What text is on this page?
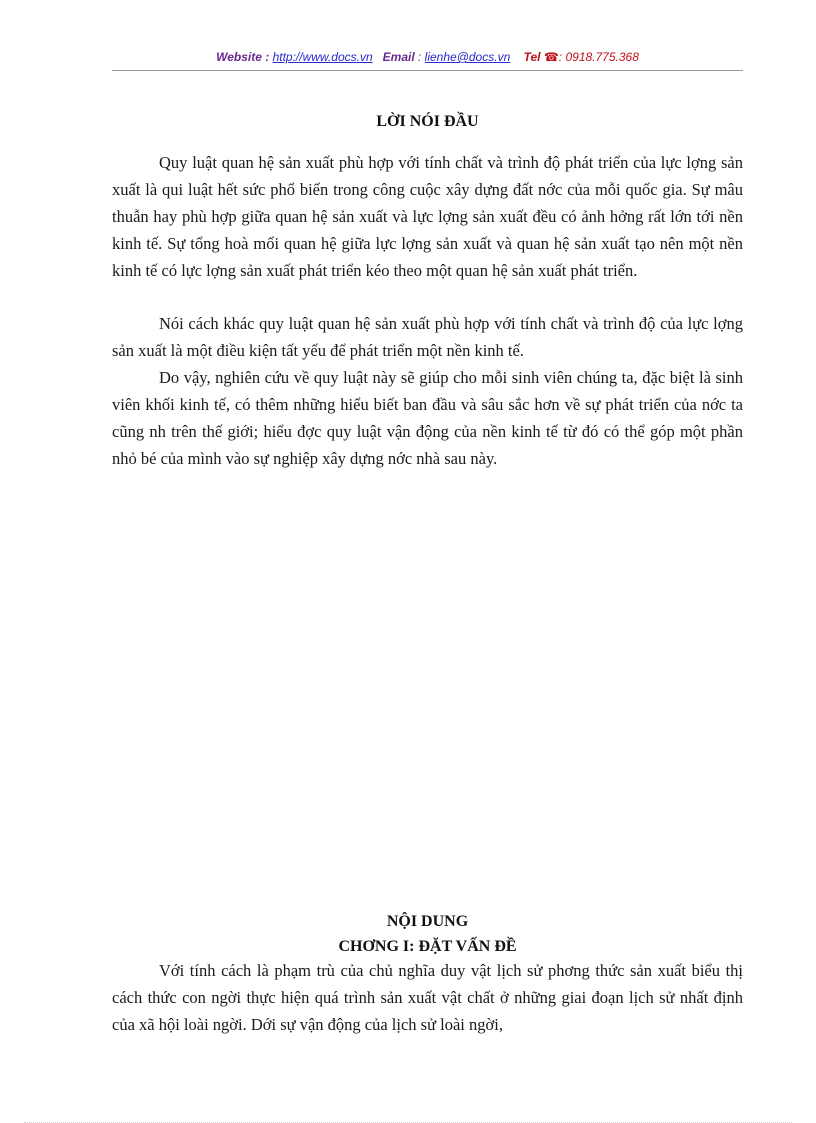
Website : http://www.docs.vn Email : lienhe@docs.vn Tel ☎: 0918.775.368
LỜI NÓI ĐẦU

Quy luật quan hệ sản xuất phù hợp với tính chất và trình độ phát triển của lực lợng sản xuất là qui luật hết sức phổ biến trong công cuộc xây dựng đất nớc của mỗi quốc gia. Sự mâu thuẫn hay phù hợp giữa quan hệ sản xuất và lực lợng sản xuất đều có ảnh hởng rất lớn tới nền kinh tế. Sự tổng hoà mối quan hệ giữa lực lợng sản xuất và quan hệ sản xuất tạo nên một nền kinh tế có lực lợng sản xuất phát triển kéo theo một quan hệ sản xuất phát triển.

Nói cách khác quy luật quan hệ sản xuất phù hợp với tính chất và trình độ của lực lợng sản xuất là một điều kiện tất yếu để phát triển một nền kinh tế.

Do vậy, nghiên cứu về quy luật này sẽ giúp cho mỗi sinh viên chúng ta, đặc biệt là sinh viên khối kinh tế, có thêm những hiểu biết ban đầu và sâu sắc hơn về sự phát triển của nớc ta cũng nh trên thế giới; hiểu đợc quy luật vận động của nền kinh tế từ đó có thể góp một phần nhỏ bé của mình vào sự nghiệp xây dựng nớc nhà sau này.

NỘI DUNG
CHƠNG I: ĐẶT VẤN ĐỀ

Với tính cách là phạm trù của chủ nghĩa duy vật lịch sử phơng thức sản xuất biểu thị cách thức con ngời thực hiện quá trình sản xuất vật chất ở những giai đoạn lịch sử nhất định của xã hội loài ngời. Dới sự vận động của lịch sử loài ngời,
